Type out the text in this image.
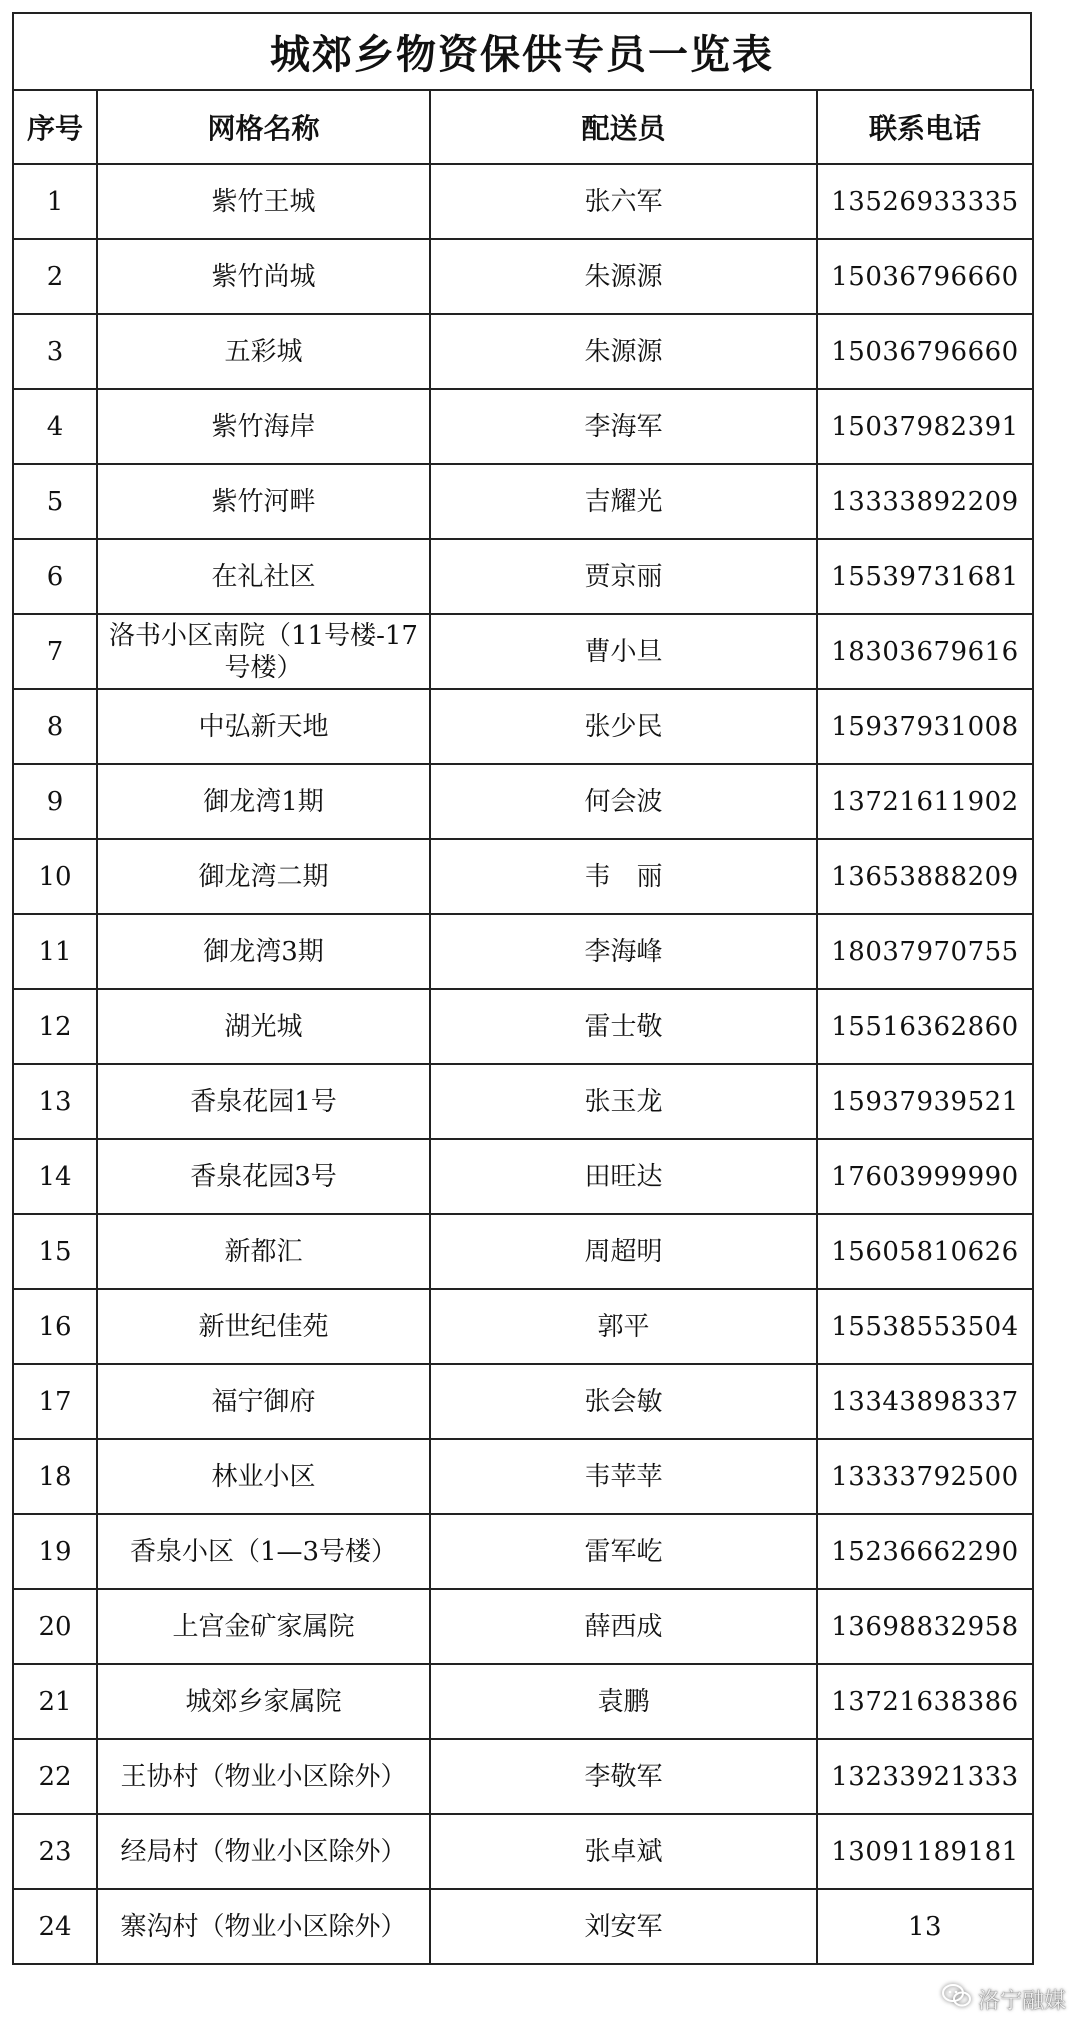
城郊乡物资保供专员一览表
序号	网格名称	配送员	联系电话
1	紫竹王城	张六军	13526933335
2	紫竹尚城	朱源源	15036796660
3	五彩城	朱源源	15036796660
4	紫竹海岸	李海军	15037982391
5	紫竹河畔	吉耀光	13333892209
6	在礼社区	贾京丽	15539731681
7	洛书小区南院（11号楼-17号楼）	曹小旦	18303679616
8	中弘新天地	张少民	15937931008
9	御龙湾1期	何会波	13721611902
10	御龙湾二期	韦　丽	13653888209
11	御龙湾3期	李海峰	18037970755
12	湖光城	雷士敬	15516362860
13	香泉花园1号	张玉龙	15937939521
14	香泉花园3号	田旺达	17603999990
15	新都汇	周超明	15605810626
16	新世纪佳苑	郭平	15538553504
17	福宁御府	张会敏	13343898337
18	林业小区	韦苹苹	13333792500
19	香泉小区（1—3号楼）	雷军屹	15236662290
20	上宫金矿家属院	薛西成	13698832958
21	城郊乡家属院	袁鹏	13721638386
22	王协村（物业小区除外）	李敬军	13233921333
23	经局村（物业小区除外）	张卓斌	13091189181
24	寨沟村（物业小区除外）	刘安军	13
洛宁融媒
